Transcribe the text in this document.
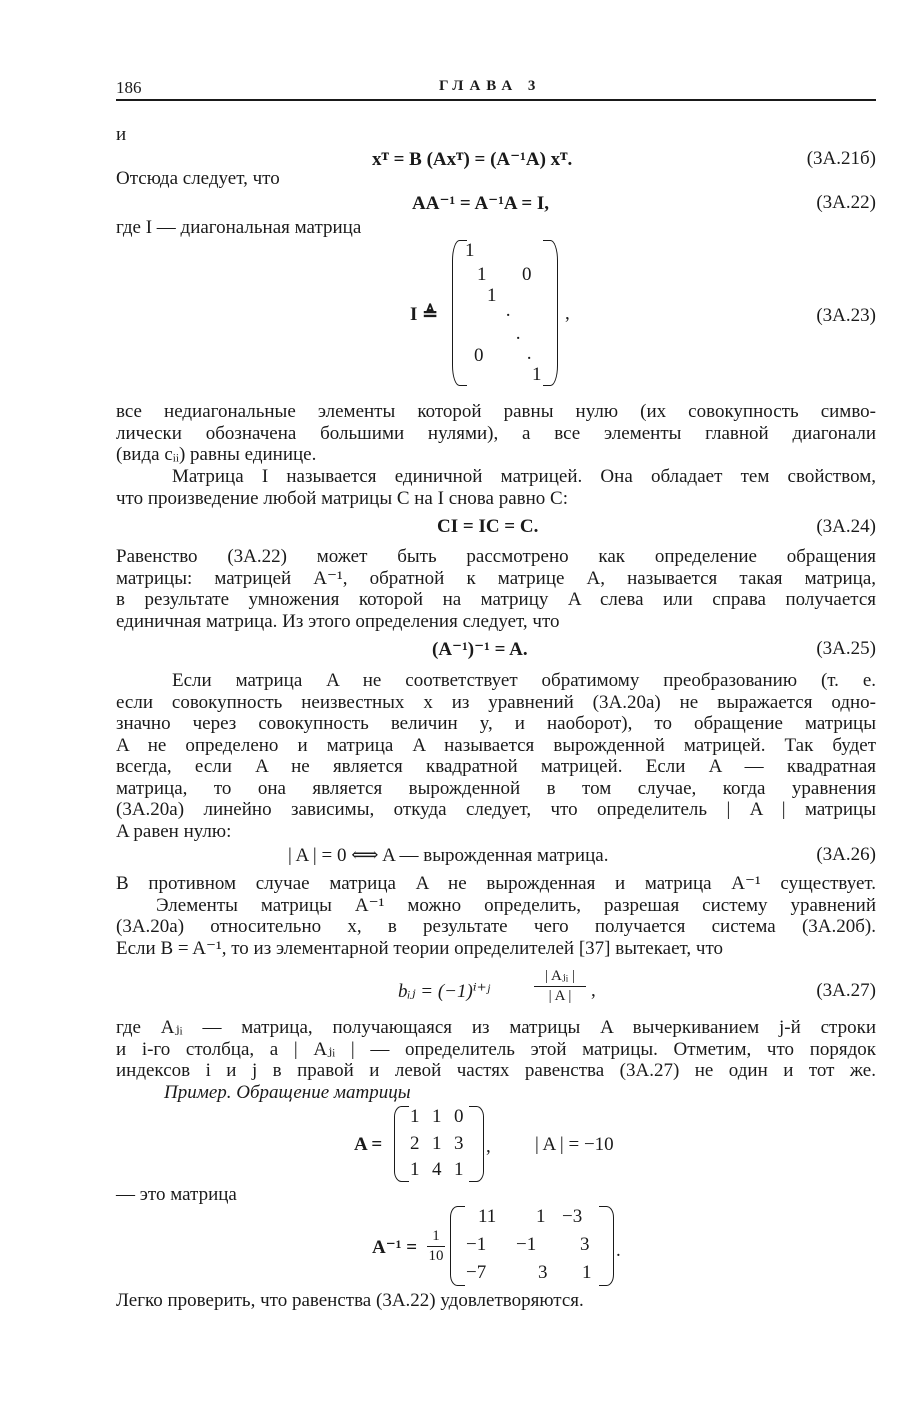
186	ГЛАВА 3
и
xᵀ = B (Axᵀ) = (A⁻¹A) xᵀ.	(3A.21б)
Отсюда следует, что
AA⁻¹ = A⁻¹A = I,	(3A.22)
где I — диагональная матрица
I ≜
1
1 0
1
·
·
0 ·
1
,	(3A.23)
все недиагональные элементы которой равны нулю (их совокупность симво-
лически обозначена большими нулями), а все элементы главной диагонали
(вида cᵢᵢ) равны единице.
Матрица I называется единичной матрицей. Она обладает тем свойством,
что произведение любой матрицы C на I снова равно C:
CI = IC = C.	(3A.24)
Равенство (3A.22) может быть рассмотрено как определение обращения
матрицы: матрицей A⁻¹, обратной к матрице A, называется такая матрица,
в результате умножения которой на матрицу A слева или справа получается
единичная матрица. Из этого определения следует, что
(A⁻¹)⁻¹ = A.	(3A.25)
Если матрица A не соответствует обратимому преобразованию (т. е.
если совокупность неизвестных x из уравнений (3A.20a) не выражается одно-
значно через совокупность величин y, и наоборот), то обращение матрицы
A не определено и матрица A называется вырожденной матрицей. Так будет
всегда, если A не является квадратной матрицей. Если A — квадратная
матрица, то она является вырожденной в том случае, когда уравнения
(3A.20a) линейно зависимы, откуда следует, что определитель | A | матрицы
A равен нулю:
| A | = 0 ⟺ A — вырожденная матрица.	(3A.26)
В противном случае матрица A не вырожденная и матрица A⁻¹ существует.
Элементы матрицы A⁻¹ можно определить, разрешая систему уравнений
(3A.20a) относительно x, в результате чего получается система (3A.20б).
Если B = A⁻¹, то из элементарной теории определителей [37] вытекает, что
bᵢⱼ = (−1)ⁱ⁺ʲ
| Aⱼᵢ |
| A |	,	(3A.27)
где Aⱼᵢ — матрица, получающаяся из матрицы A вычеркиванием j-й строки
и i-го столбца, а | Aⱼᵢ | — определитель этой матрицы. Отметим, что порядок
индексов i и j в правой и левой частях равенства (3A.27) не один и тот же.
Пример. Обращение матрицы
A =
1 1 0
2 1 3
1 4 1
, | A | = −10
— это матрица
A⁻¹ =
1
10
11 1 −3
−1 −1 3
−7	3 1
.
Легко проверить, что равенства (3A.22) удовлетворяются.
